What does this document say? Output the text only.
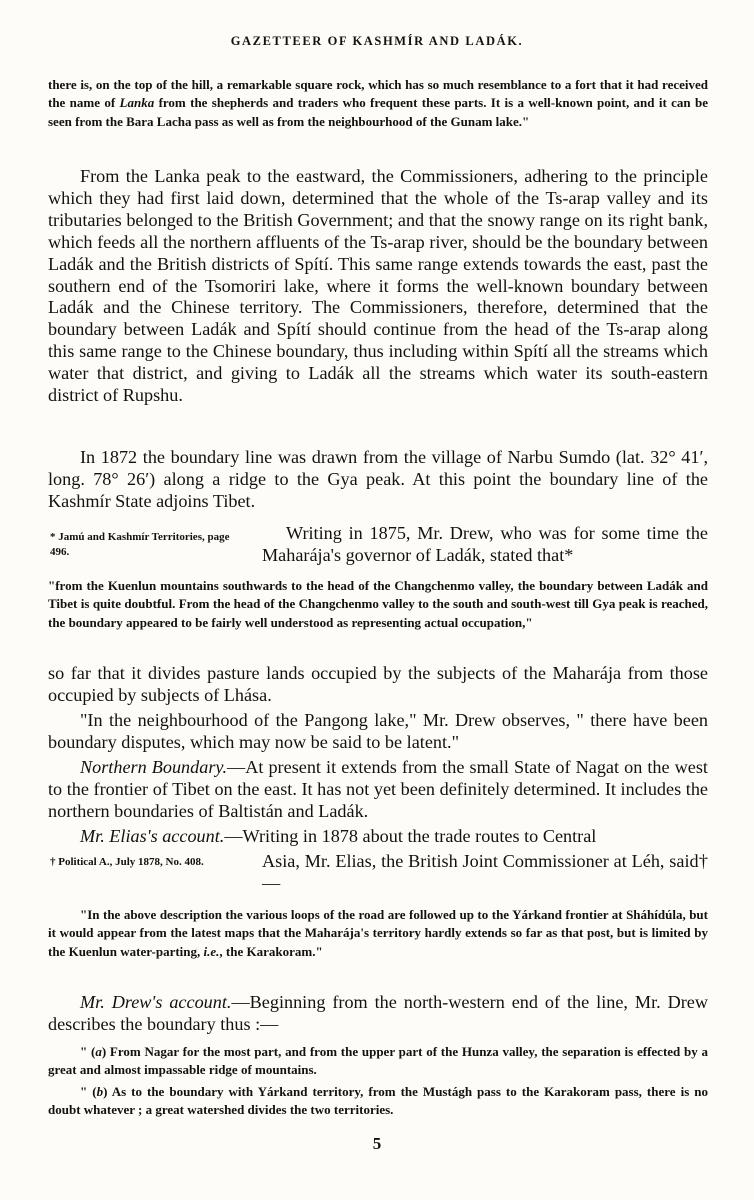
GAZETTEER OF KASHMÍR AND LADÁK.

there is, on the top of the hill, a remarkable square rock, which has so much resemblance to a fort that it had received the name of Lanka from the shepherds and traders who frequent these parts. It is a well-known point, and it can be seen from the Bara Lacha pass as well as from the neighbourhood of the Gunam lake."

From the Lanka peak to the eastward, the Commissioners, adhering to the principle which they had first laid down, determined that the whole of the Ts-arap valley and its tributaries belonged to the British Government; and that the snowy range on its right bank, which feeds all the northern affluents of the Ts-arap river, should be the boundary between Ladák and the British districts of Spítí. This same range extends towards the east, past the southern end of the Tsomoriri lake, where it forms the well-known boundary between Ladák and the Chinese territory. The Commissioners, therefore, determined that the boundary between Ladák and Spítí should continue from the head of the Ts-arap along this same range to the Chinese boundary, thus including within Spítí all the streams which water that district, and giving to Ladák all the streams which water its south-eastern district of Rupshu.

In 1872 the boundary line was drawn from the village of Narbu Sumdo (lat. 32° 41′, long. 78° 26′) along a ridge to the Gya peak. At this point the boundary line of the Kashmír State adjoins Tibet.

* Jamú and Kashmír Territories, page 496.

Writing in 1875, Mr. Drew, who was for some time the Maharája's governor of Ladák, stated that*

"from the Kuenlun mountains southwards to the head of the Changchenmo valley, the boundary between Ladák and Tibet is quite doubtful. From the head of the Changchenmo valley to the south and south-west till Gya peak is reached, the boundary appeared to be fairly well understood as representing actual occupation,"

so far that it divides pasture lands occupied by the subjects of the Maharája from those occupied by subjects of Lhása.

"In the neighbourhood of the Pangong lake," Mr. Drew observes, " there have been boundary disputes, which may now be said to be latent."

Northern Boundary.—At present it extends from the small State of Nagat on the west to the frontier of Tibet on the east. It has not yet been definitely determined. It includes the northern boundaries of Baltistán and Ladák.

Mr. Elias's account.—Writing in 1878 about the trade routes to Central

† Political A., July 1878, No. 408.	Asia, Mr. Elias, the British Joint Commissioner at Léh, said†—

"In the above description the various loops of the road are followed up to the Yárkand frontier at Sháhídúla, but it would appear from the latest maps that the Maharája's territory hardly extends so far as that post, but is limited by the Kuenlun water-parting, i.e., the Karakoram."

Mr. Drew's account.—Beginning from the north-western end of the line, Mr. Drew describes the boundary thus :—

" (a) From Nagar for the most part, and from the upper part of the Hunza valley, the separation is effected by a great and almost impassable ridge of mountains.

" (b) As to the boundary with Yárkand territory, from the Mustágh pass to the Karakoram pass, there is no doubt whatever ; a great watershed divides the two territories.

5
